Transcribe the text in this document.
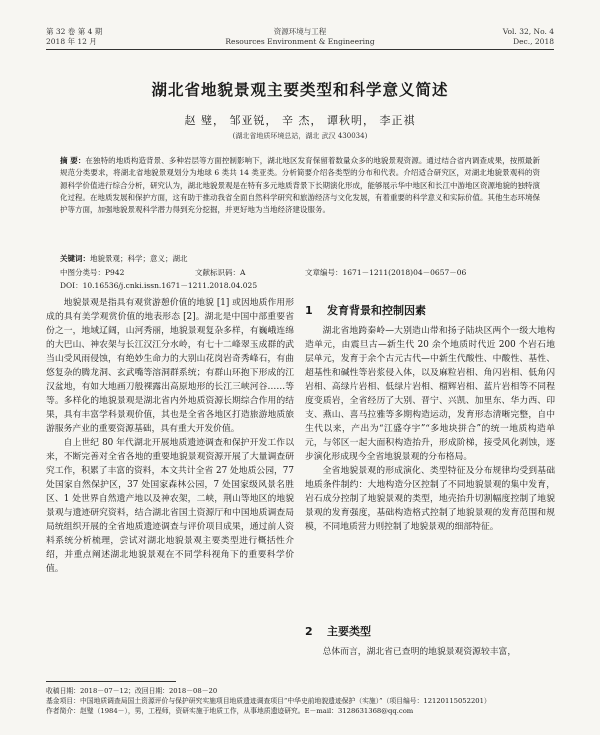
第 32 卷 第 4 期
2018 年 12 月
资源环境与工程
Resources Environment & Engineering
Vol. 32, No. 4
Dec., 2018
湖北省地貌景观主要类型和科学意义简述
赵 璧， 邹亚锐， 辛 杰， 谭秋明， 李正祺
(湖北省地质环境总站，湖北 武汉 430034)
摘 要：在独特的地质构造背景、多种岩层等方面控制影响下，湖北地区发育保留着数量众多的地貌景观资源。通过结合省内调查成果，按照最新规范分类要求，将湖北省地貌景观划分为地球 6 类共 14 类亚类。分析简要介绍各类型的分布和代表。介绍适合研究区，对湖北地貌景观科的资源科学价值进行综合分析，研究认为，湖北地貌景观是在特有多元地质背景下长期演化形成，能够展示华中地区和长江中游地区资源地貌的独特演化过程。在地质发展和保护方面，这有助于推动我省全面自然科学研究和旅游经济与文化发展，有着重要的科学意义和实际价值。其他生态环境保护等方面，加强地貌景观科学潜力得到充分挖掘，并更好地为当地经济建设服务。
关键词：地貌景观；科学；意义；湖北
中图分类号：P942	文献标识码：A	文章编号：1671－1211(2018)04－0657－06
DOI：10.16536/j.cnki.issn.1671－1211.2018.04.025

地貌景观是指具有观赏游憩价值的地貌 [1] 或因地质作用形成的具有美学观赏价值的地表形态 [2]。湖北是中国中部重要省份之一，地域辽阔，山河秀丽，地貌景观复杂多样，有巍峨连绵的大巴山、神农架与长江汉江分水岭，有七十二峰翠玉成群的武当山受风雨侵蚀，有绝妙生命力的大别山花岗岩奇秀峰石，有曲悠复杂的腾龙洞、玄武嘴等溶洞群系统；有群山环抱下形成的江汉盆地，有如大地画刀般裸露出高原地形的长江三峡河谷……等等。多样化的地貌景观是湖北省内外地质资源长期综合作用的结果，具有丰富学科景观价值，其也是全省各地区打造旅游地质旅游服务产业的重要资源基础，具有重大开发价值。

自上世纪 80 年代湖北开展地质遗迹调查和保护开发工作以来，不断完善对全省各地的重要地貌景观资源开展了大量调查研究工作，积累了丰富的资料，本文共计全省 27 处地质公园，77 处国家自然保护区，37 处国家森林公园，7 处国家级风景名胜区、1 处世界自然遗产地以及神农架，二峡，荆山等地区的地貌景观与遗迹研究资料，结合湖北省国土资源厅和中国地质调查局局统组织开展的全省地质遗迹调查与评价项目成果，通过前人资料系统分析梳理，尝试对湖北地貌景观主要类型进行概括性介绍，并重点阐述湖北地貌景观在不同学科视角下的重要科学价值。

1 发育背景和控制因素

湖北省地跨秦岭—大别造山带和扬子陆块区两个一级大地构造单元，由震旦古—新生代 20 余个地质时代近 200 个岩石地层单元，发育于余个古元古代—中新生代酸性、中酸性、基性、超基性和碱性等岩浆侵入体，以及麻粒岩相、角闪岩相、低角闪岩相、高绿片岩相、低绿片岩相、榴辉岩相、蓝片岩相等不同程度变质岩，全省经历了大别、晋宁、兴凯、加里东、华力西、印支、燕山、喜马拉雅等多期构造运动，发育形态清晰完整，自中生代以来，产出为“江盛夺宇”“多地块拼合”的统一地质构造单元，与邻区一起大面积构造抬升，形成阶梯，接受风化剥蚀，逐步演化形成现今全省地貌景观的分布格局。

全省地貌景观的形成演化、类型特征及分布规律均受到基础地质条件制约：大地构造分区控制了不同地貌景观的集中发育，岩石成分控制了地貌景观的类型，地壳抬升切割幅度控制了地貌景观的发育强度，基础构造格式控制了地貌景观的发育范围和规模，不同地质营力则控制了地貌景观的细部特征。

2 主要类型

总体而言，湖北省已查明的地貌景观资源较丰富，

收稿日期：2018－07－12；改回日期：2018－08－20
基金项目：中国地质调查局国土资源评价与保护研究实施项目地质遗迹调查项目“中华史前地貌遗迹保护（实施）”（项目编号：12120115052201）
作者简介：赵璧（1984－），男，工程师，资研实施于地质工作，从事地质遗迹研究。E－mail：3128631368@qq.com
